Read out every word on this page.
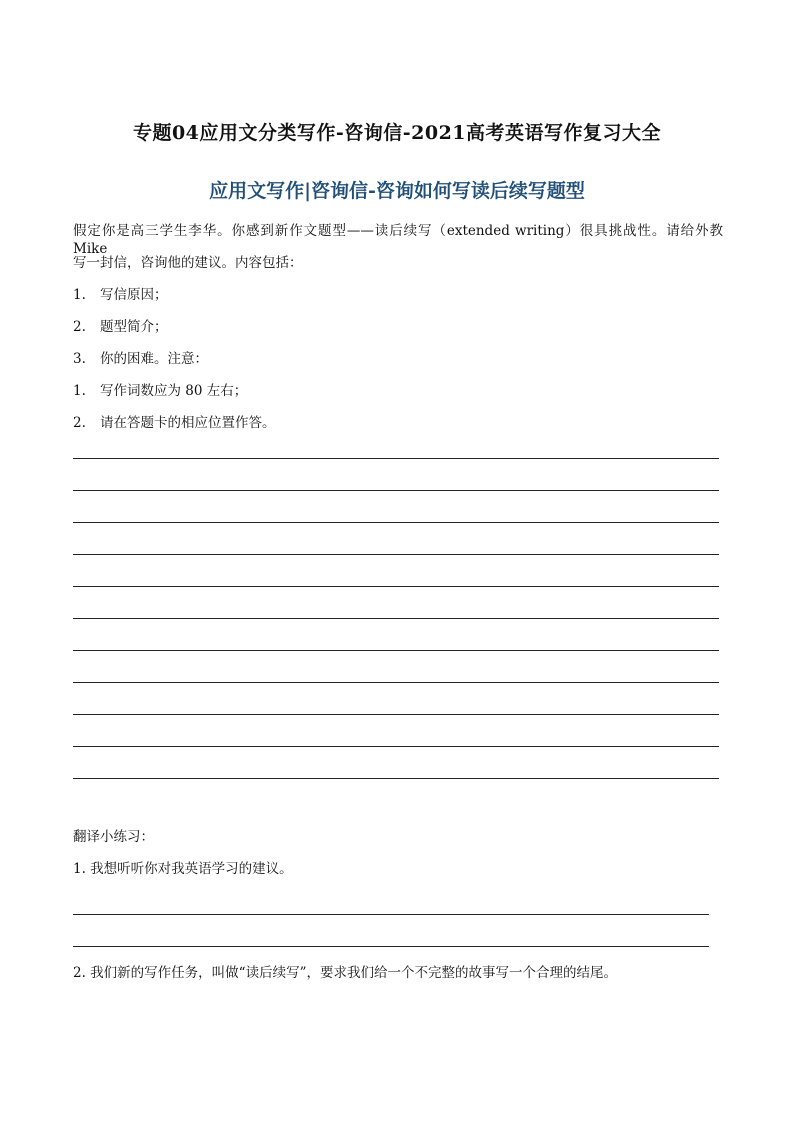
专题04应用文分类写作-咨询信-2021高考英语写作复习大全
应用文写作|咨询信-咨询如何写读后续写题型
假定你是高三学生李华。你感到新作文题型——读后续写（extended writing）很具挑战性。请给外教 Mike
写一封信，咨询他的建议。内容包括：
1. 写信原因；
2. 题型简介；
3. 你的困难。注意：
1. 写作词数应为 80 左右；
2. 请在答题卡的相应位置作答。
翻译小练习：
1. 我想听听你对我英语学习的建议。
2. 我们新的写作任务，叫做“读后续写”，要求我们给一个不完整的故事写一个合理的结尾。
